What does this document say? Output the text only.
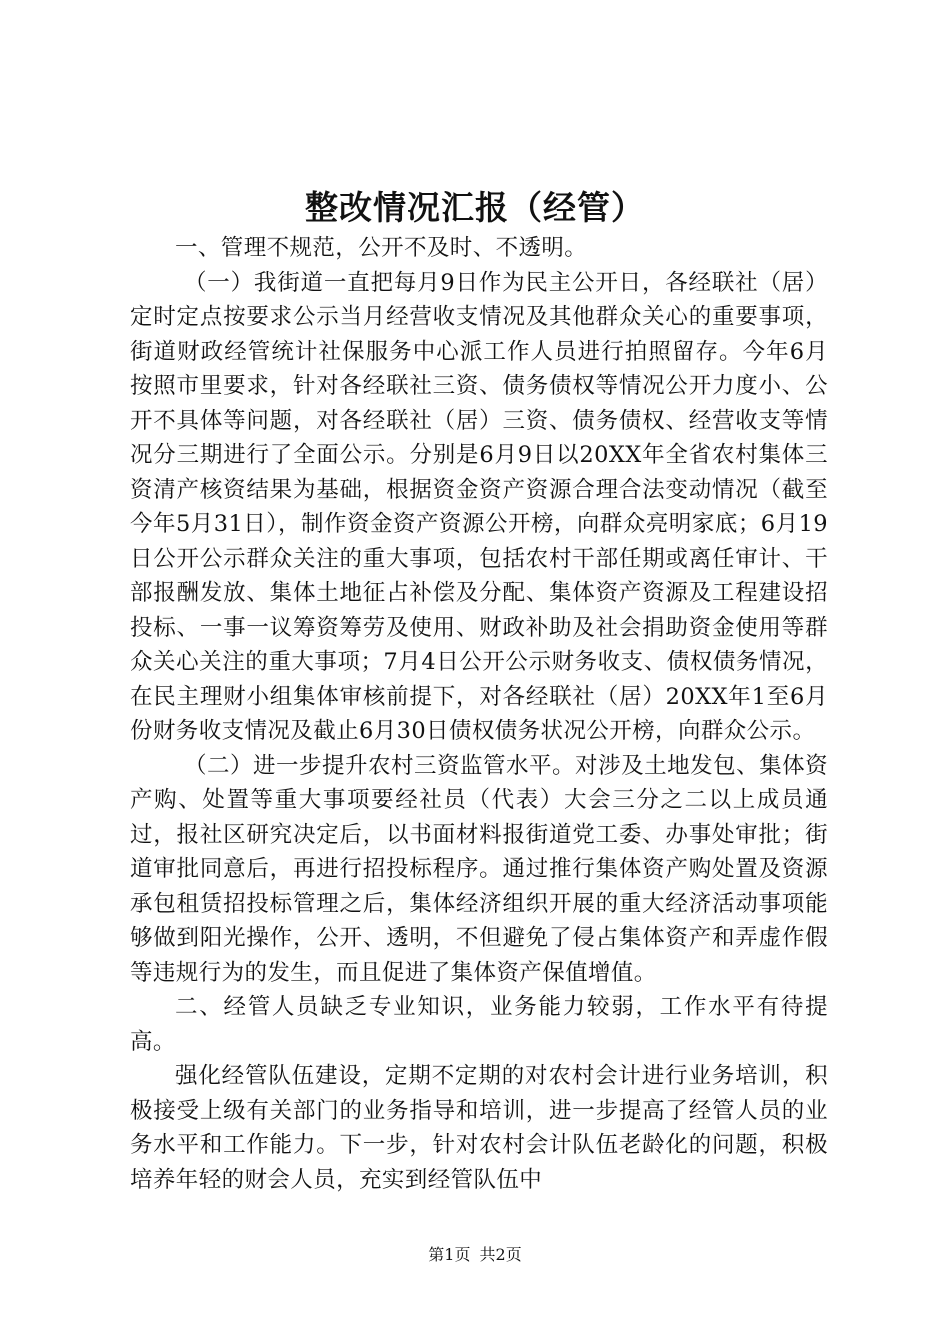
整改情况汇报（经管）

一、管理不规范，公开不及时、不透明。

（一）我街道一直把每月9日作为民主公开日，各经联社（居）定时定点按要求公示当月经营收支情况及其他群众关心的重要事项，街道财政经管统计社保服务中心派工作人员进行拍照留存。今年6月按照市里要求，针对各经联社三资、债务债权等情况公开力度小、公开不具体等问题，对各经联社（居）三资、债务债权、经营收支等情况分三期进行了全面公示。分别是6月9日以20XX年全省农村集体三资清产核资结果为基础，根据资金资产资源合理合法变动情况（截至今年5月31日），制作资金资产资源公开榜，向群众亮明家底；6月19日公开公示群众关注的重大事项，包括农村干部任期或离任审计、干部报酬发放、集体土地征占补偿及分配、集体资产资源及工程建设招投标、一事一议筹资筹劳及使用、财政补助及社会捐助资金使用等群众关心关注的重大事项；7月4日公开公示财务收支、债权债务情况，在民主理财小组集体审核前提下，对各经联社（居）20XX年1至6月份财务收支情况及截止6月30日债权债务状况公开榜，向群众公示。

（二）进一步提升农村三资监管水平。对涉及土地发包、集体资产购、处置等重大事项要经社员（代表）大会三分之二以上成员通过，报社区研究决定后，以书面材料报街道党工委、办事处审批；街道审批同意后，再进行招投标程序。通过推行集体资产购处置及资源承包租赁招投标管理之后，集体经济组织开展的重大经济活动事项能够做到阳光操作，公开、透明，不但避免了侵占集体资产和弄虚作假等违规行为的发生，而且促进了集体资产保值增值。

二、经管人员缺乏专业知识，业务能力较弱，工作水平有待提高。

强化经管队伍建设，定期不定期的对农村会计进行业务培训，积极接受上级有关部门的业务指导和培训，进一步提高了经管人员的业务水平和工作能力。下一步，针对农村会计队伍老龄化的问题，积极培养年轻的财会人员，充实到经管队伍中

第1页 共2页
